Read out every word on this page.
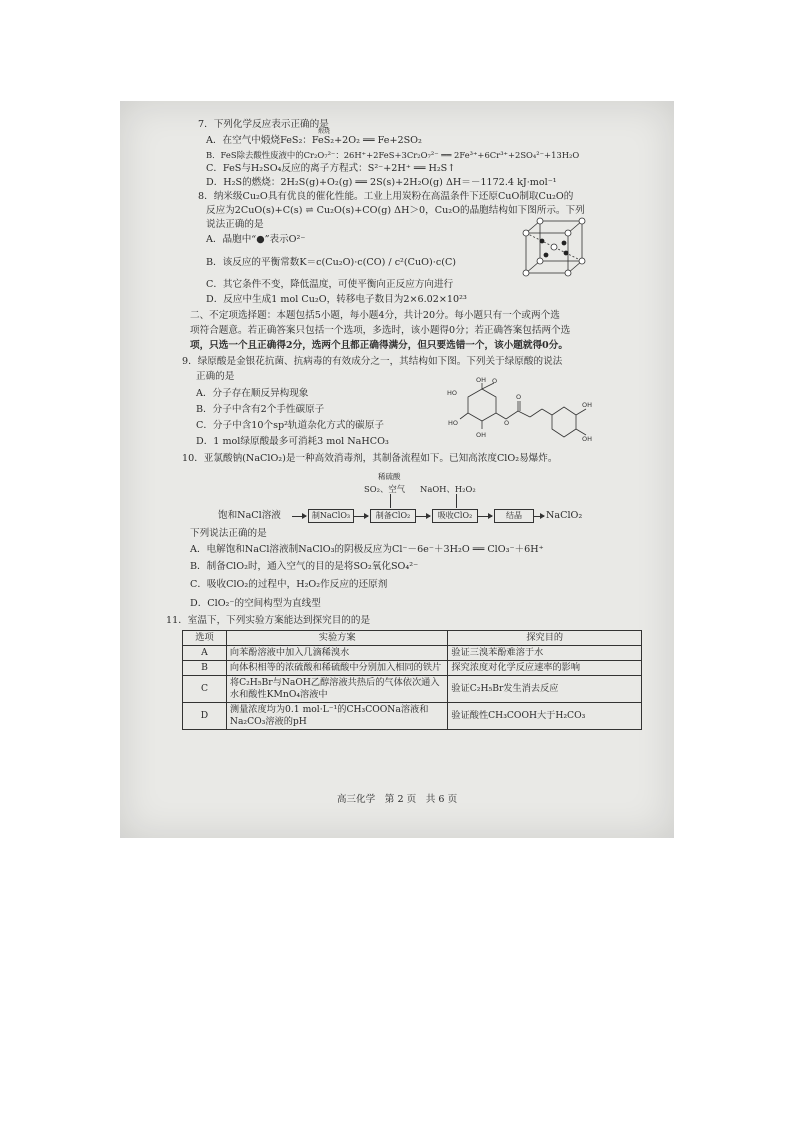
7．下列化学反应表示正确的是
煅烧
A．在空气中煅烧FeS₂：FeS₂+2O₂ ══ Fe+2SO₂
B．FeS除去酸性废液中的Cr₂O₇²⁻：26H⁺+2FeS+3Cr₂O₇²⁻ ══ 2Fe³⁺+6Cr³⁺+2SO₄²⁻+13H₂O
C．FeS与H₂SO₄反应的离子方程式：S²⁻+2H⁺ ══ H₂S↑
D．H₂S的燃烧：2H₂S(g)+O₂(g) ══ 2S(s)+2H₂O(g) ΔH＝－1172.4 kJ·mol⁻¹
8．纳米级Cu₂O具有优良的催化性能。工业上用炭粉在高温条件下还原CuO制取Cu₂O的
反应为2CuO(s)+C(s) ⇌ Cu₂O(s)+CO(g) ΔH＞0，Cu₂O的晶胞结构如下图所示。下列
说法正确的是
A．晶胞中“●”表示O²⁻
B．该反应的平衡常数K＝c(Cu₂O)·c(CO) / c²(CuO)·c(C)
C．其它条件不变，降低温度，可使平衡向正反应方向进行
D．反应中生成1 mol Cu₂O，转移电子数目为2×6.02×10²³
二、不定项选择题：本题包括5小题，每小题4分，共计20分。每小题只有一个或两个选
项符合题意。若正确答案只包括一个选项，多选时，该小题得0分；若正确答案包括两个选
项，只选一个且正确得2分，选两个且都正确得满分，但只要选错一个，该小题就得0分。
9．绿原酸是金银花抗菌、抗病毒的有效成分之一，其结构如下图。下列关于绿原酸的说法
正确的是
A．分子存在顺反异构现象
B．分子中含有2个手性碳原子
C．分子中含10个sp²轨道杂化方式的碳原子
D．1 mol绿原酸最多可消耗3 mol NaHCO₃
OH O
HO
HO
OH
O
O
OH
OH
10．亚氯酸钠(NaClO₂)是一种高效消毒剂，其制备流程如下。已知高浓度ClO₂易爆炸。
稀硫酸
SO₂、空气 NaOH、H₂O₂
饱和NaCl溶液	制NaClO₃	制备ClO₂	吸收ClO₂	结晶	NaClO₂
下列说法正确的是
A．电解饱和NaCl溶液制NaClO₃的阴极反应为Cl⁻－6e⁻＋3H₂O ══ ClO₃⁻＋6H⁺
B．制备ClO₂时，通入空气的目的是将SO₂氧化SO₄²⁻
C．吸收ClO₂的过程中，H₂O₂作反应的还原剂
D．ClO₂⁻的空间构型为直线型
11．室温下，下列实验方案能达到探究目的的是
选项	实验方案	探究目的
A	向苯酚溶液中加入几滴稀溴水	验证三溴苯酚难溶于水
B	向体积相等的浓硫酸和稀硫酸中分别加入相同的铁片	探究浓度对化学反应速率的影响
C	将C₂H₅Br与NaOH乙醇溶液共热后的气体依次通入水和酸性KMnO₄溶液中	验证C₂H₅Br发生消去反应
D	测量浓度均为0.1 mol·L⁻¹的CH₃COONa溶液和Na₂CO₃溶液的pH	验证酸性CH₃COOH大于H₂CO₃
高三化学　第 2 页　共 6 页
